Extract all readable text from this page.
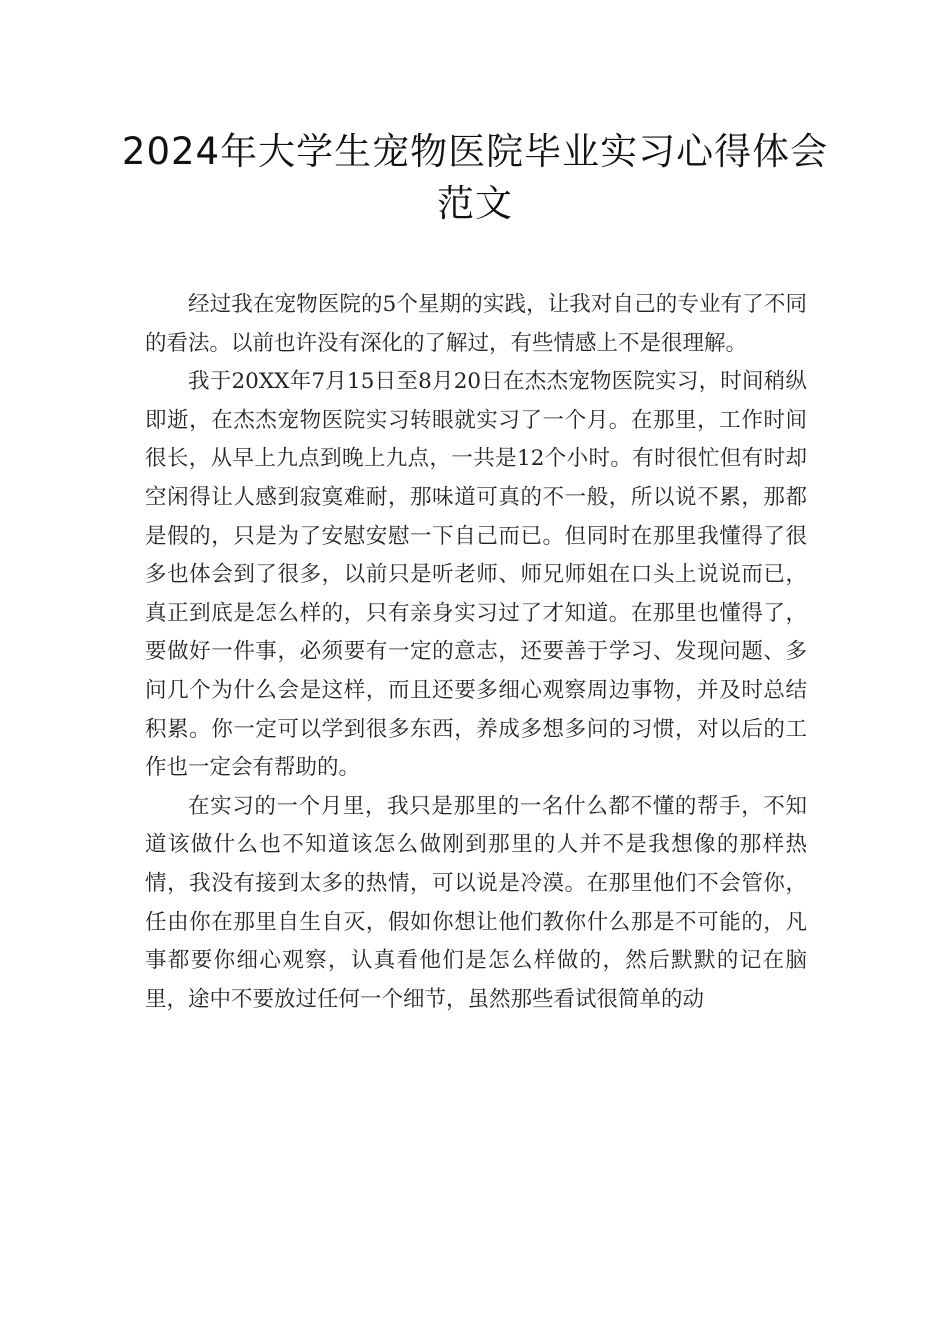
2024年大学生宠物医院毕业实习心得体会范文

经过我在宠物医院的5个星期的实践，让我对自己的专业有了不同的看法。以前也许没有深化的了解过，有些情感上不是很理解。

我于20XX年7月15日至8月20日在杰杰宠物医院实习，时间稍纵即逝，在杰杰宠物医院实习转眼就实习了一个月。在那里，工作时间很长，从早上九点到晚上九点，一共是12个小时。有时很忙但有时却空闲得让人感到寂寞难耐，那味道可真的不一般，所以说不累，那都是假的，只是为了安慰安慰一下自己而已。但同时在那里我懂得了很多也体会到了很多，以前只是听老师、师兄师姐在口头上说说而已，真正到底是怎么样的，只有亲身实习过了才知道。在那里也懂得了，要做好一件事，必须要有一定的意志，还要善于学习、发现问题、多问几个为什么会是这样，而且还要多细心观察周边事物，并及时总结积累。你一定可以学到很多东西，养成多想多问的习惯，对以后的工作也一定会有帮助的。

在实习的一个月里，我只是那里的一名什么都不懂的帮手，不知道该做什么也不知道该怎么做刚到那里的人并不是我想像的那样热情，我没有接到太多的热情，可以说是冷漠。在那里他们不会管你，任由你在那里自生自灭，假如你想让他们教你什么那是不可能的，凡事都要你细心观察，认真看他们是怎么样做的，然后默默的记在脑里，途中不要放过任何一个细节，虽然那些看试很简单的动
